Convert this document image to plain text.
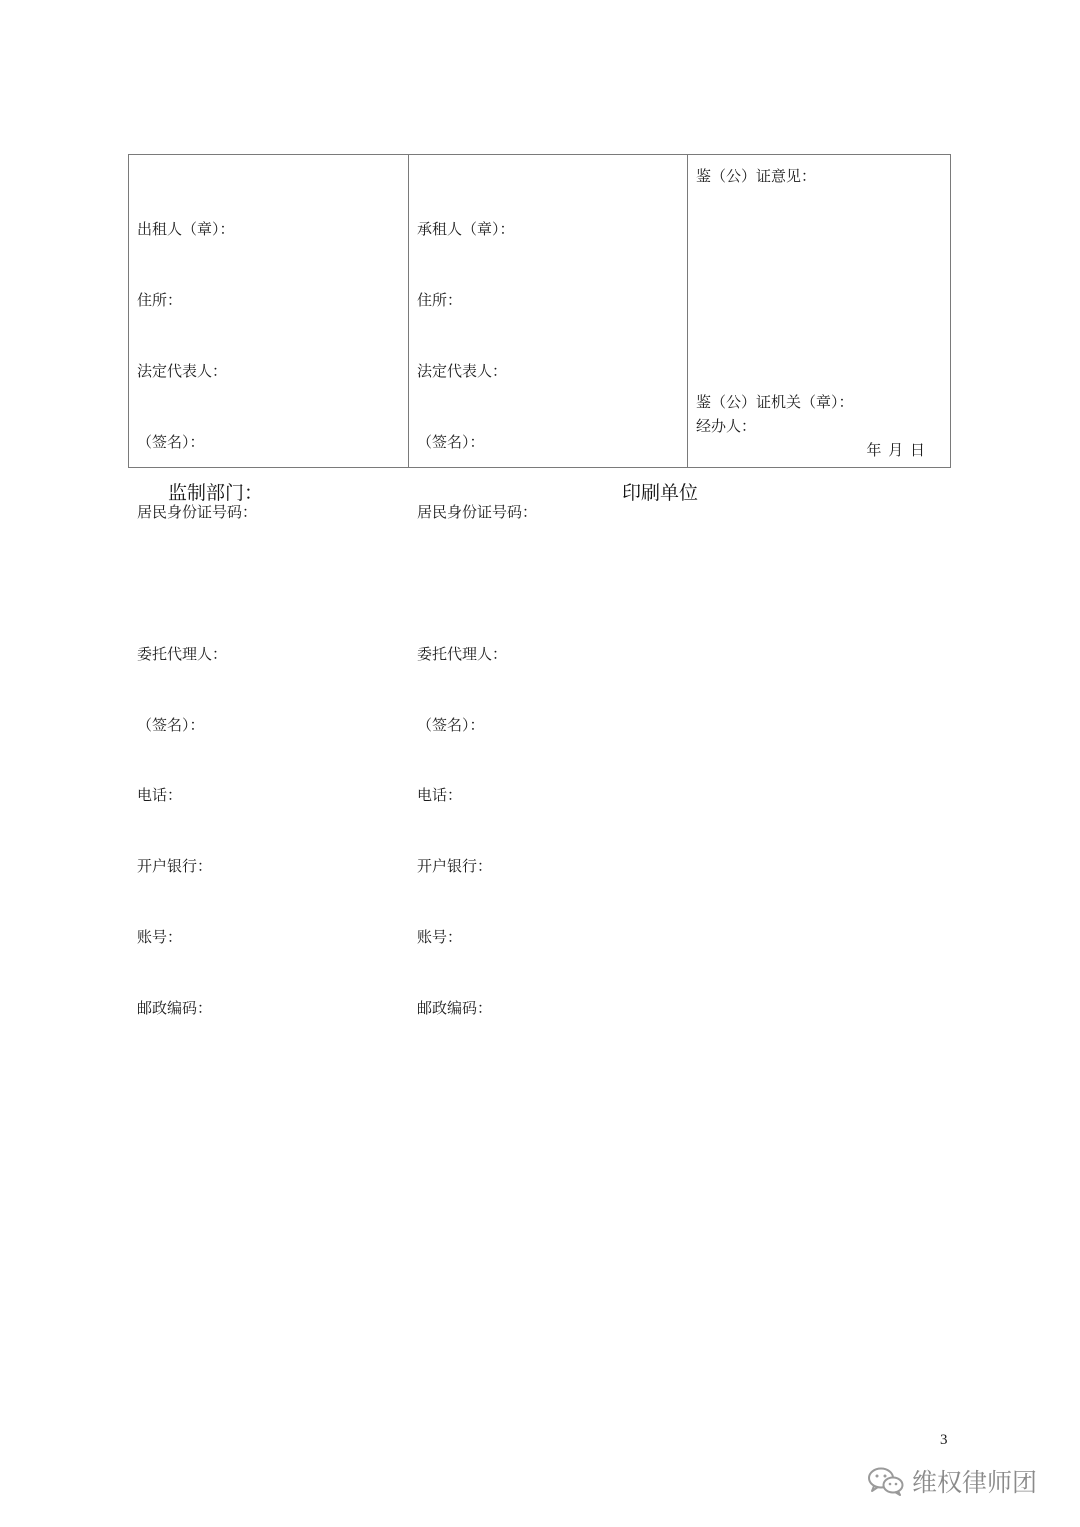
出租人（章）：

住所：

法定代表人：

（签名）：

居民身份证号码：

委托代理人：

（签名）：

电话：

开户银行：

账号：

邮政编码：

承租人（章）：

住所：

法定代表人：

（签名）：

居民身份证号码：

委托代理人：

（签名）：

电话：

开户银行：

账号：

邮政编码：

鉴（公）证意见：
鉴（公）证机关（章）：
经办人：
年 月 日
监制部门：	印刷单位
3
维权律师团
